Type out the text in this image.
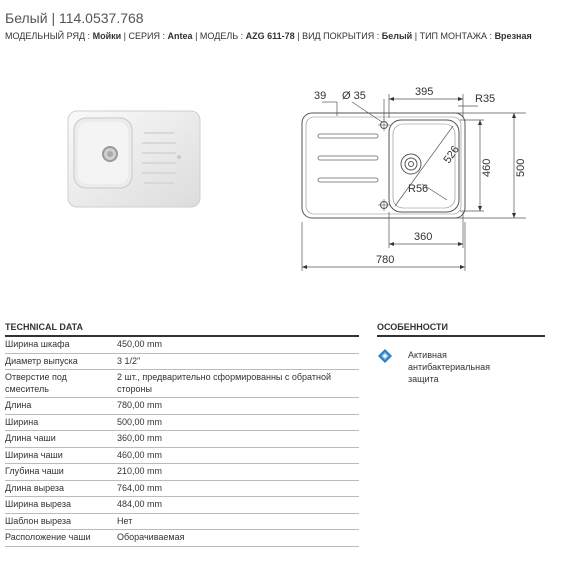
Белый | 114.0537.768
МОДЕЛЬНЫЙ РЯД : Мойки | СЕРИЯ : Antea | МОДЕЛЬ : AZG 611-78 | ВИД ПОКРЫТИЯ : Белый | ТИП МОНТАЖА : Врезная
39 Ø 35	395
R35
526
R56
460 500
360
780
TECHNICAL DATA
Ширина шкафа	450,00 mm
Диаметр выпуска	3 1/2"
Отверстие под смеситель	2 шт., предварительно сформированны с обратной стороны
Длина	780,00 mm
Ширина	500,00 mm
Длина чаши	360,00 mm
Ширина чаши	460,00 mm
Глубина чаши	210,00 mm
Длина выреза	764,00 mm
Ширина выреза	484,00 mm
Шаблон выреза	Нет
Расположение чаши	Оборачиваемая
ОСОБЕННОСТИ
Активная антибактериальная защита
